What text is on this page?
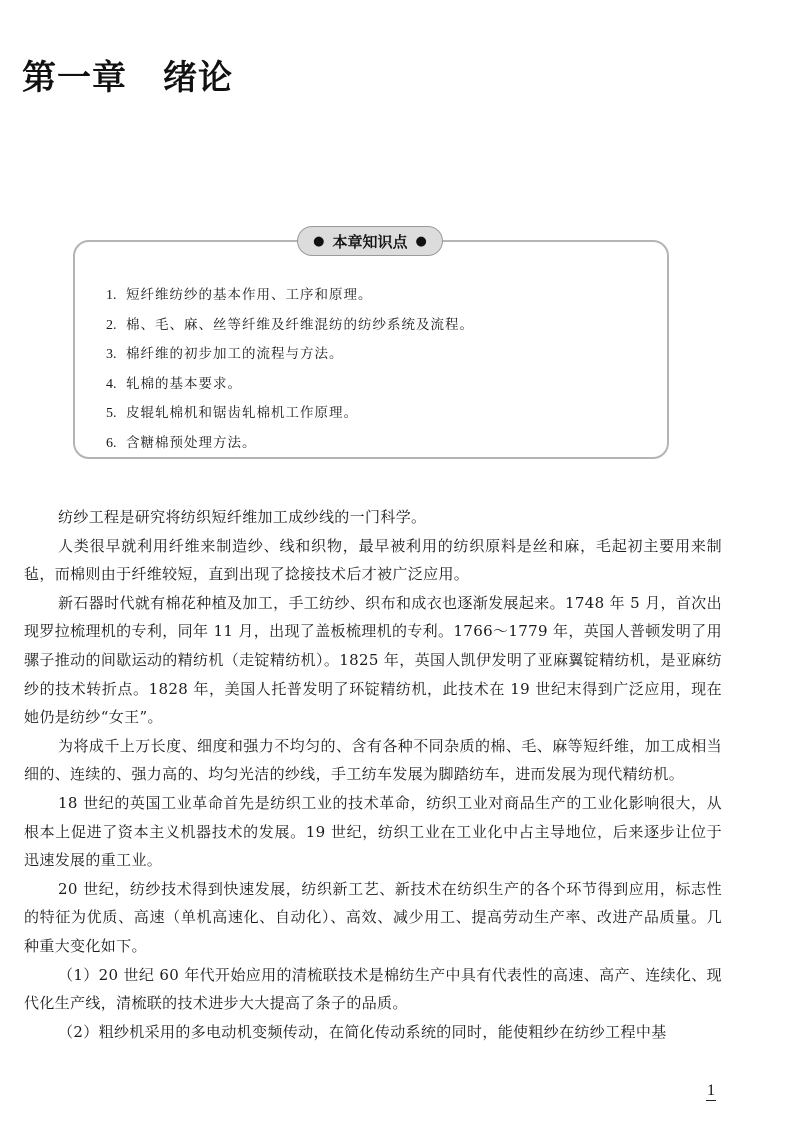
第一章 绪论
● 本章知识点 ●
1. 短纤维纺纱的基本作用、工序和原理。
2. 棉、毛、麻、丝等纤维及纤维混纺的纺纱系统及流程。
3. 棉纤维的初步加工的流程与方法。
4. 轧棉的基本要求。
5. 皮辊轧棉机和锯齿轧棉机工作原理。
6. 含糖棉预处理方法。

纺纱工程是研究将纺织短纤维加工成纱线的一门科学。

人类很早就利用纤维来制造纱、线和织物，最早被利用的纺织原料是丝和麻，毛起初主要用来制毡，而棉则由于纤维较短，直到出现了捻接技术后才被广泛应用。

新石器时代就有棉花种植及加工，手工纺纱、织布和成衣也逐渐发展起来。1748 年 5 月，首次出现罗拉梳理机的专利，同年 11 月，出现了盖板梳理机的专利。1766～1779 年，英国人普顿发明了用骡子推动的间歇运动的精纺机（走锭精纺机）。1825 年，英国人凯伊发明了亚麻翼锭精纺机，是亚麻纺纱的技术转折点。1828 年，美国人托普发明了环锭精纺机，此技术在 19 世纪末得到广泛应用，现在她仍是纺纱“女王”。

为将成千上万长度、细度和强力不均匀的、含有各种不同杂质的棉、毛、麻等短纤维，加工成相当细的、连续的、强力高的、均匀光洁的纱线，手工纺车发展为脚踏纺车，进而发展为现代精纺机。

18 世纪的英国工业革命首先是纺织工业的技术革命，纺织工业对商品生产的工业化影响很大，从根本上促进了资本主义机器技术的发展。19 世纪，纺织工业在工业化中占主导地位，后来逐步让位于迅速发展的重工业。

20 世纪，纺纱技术得到快速发展，纺织新工艺、新技术在纺织生产的各个环节得到应用，标志性的特征为优质、高速（单机高速化、自动化）、高效、减少用工、提高劳动生产率、改进产品质量。几种重大变化如下。

（1）20 世纪 60 年代开始应用的清梳联技术是棉纺生产中具有代表性的高速、高产、连续化、现代化生产线，清梳联的技术进步大大提高了条子的品质。

（2）粗纱机采用的多电动机变频传动，在简化传动系统的同时，能使粗纱在纺纱工程中基

1
